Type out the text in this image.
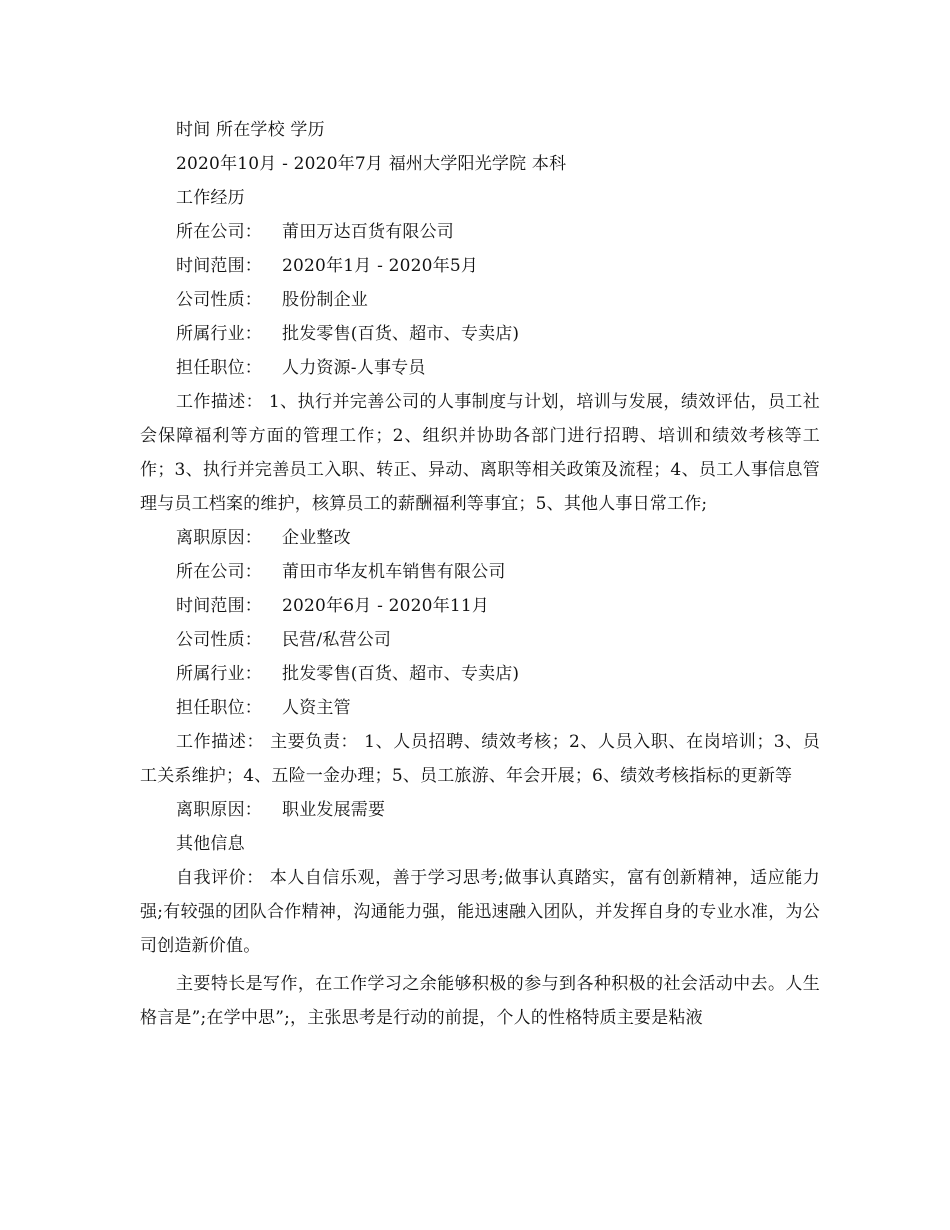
时间 所在学校 学历

2020年10月 - 2020年7月 福州大学阳光学院 本科

工作经历

所在公司： 莆田万达百货有限公司

时间范围： 2020年1月 - 2020年5月

公司性质： 股份制企业

所属行业： 批发零售(百货、超市、专卖店)

担任职位： 人力资源-人事专员

工作描述： 1、执行并完善公司的人事制度与计划，培训与发展，绩效评估，员工社会保障福利等方面的管理工作；2、组织并协助各部门进行招聘、培训和绩效考核等工作；3、执行并完善员工入职、转正、异动、离职等相关政策及流程；4、员工人事信息管理与员工档案的维护，核算员工的薪酬福利等事宜；5、其他人事日常工作;

离职原因： 企业整改

所在公司： 莆田市华友机车销售有限公司

时间范围： 2020年6月 - 2020年11月

公司性质： 民营/私营公司

所属行业： 批发零售(百货、超市、专卖店)

担任职位： 人资主管

工作描述： 主要负责： 1、人员招聘、绩效考核；2、人员入职、在岗培训；3、员工关系维护；4、五险一金办理；5、员工旅游、年会开展；6、绩效考核指标的更新等

离职原因： 职业发展需要

其他信息

自我评价： 本人自信乐观，善于学习思考;做事认真踏实，富有创新精神，适应能力强;有较强的团队合作精神，沟通能力强，能迅速融入团队，并发挥自身的专业水准，为公司创造新价值。

主要特长是写作，在工作学习之余能够积极的参与到各种积极的社会活动中去。人生格言是”;在学中思”;，主张思考是行动的前提，个人的性格特质主要是粘液
